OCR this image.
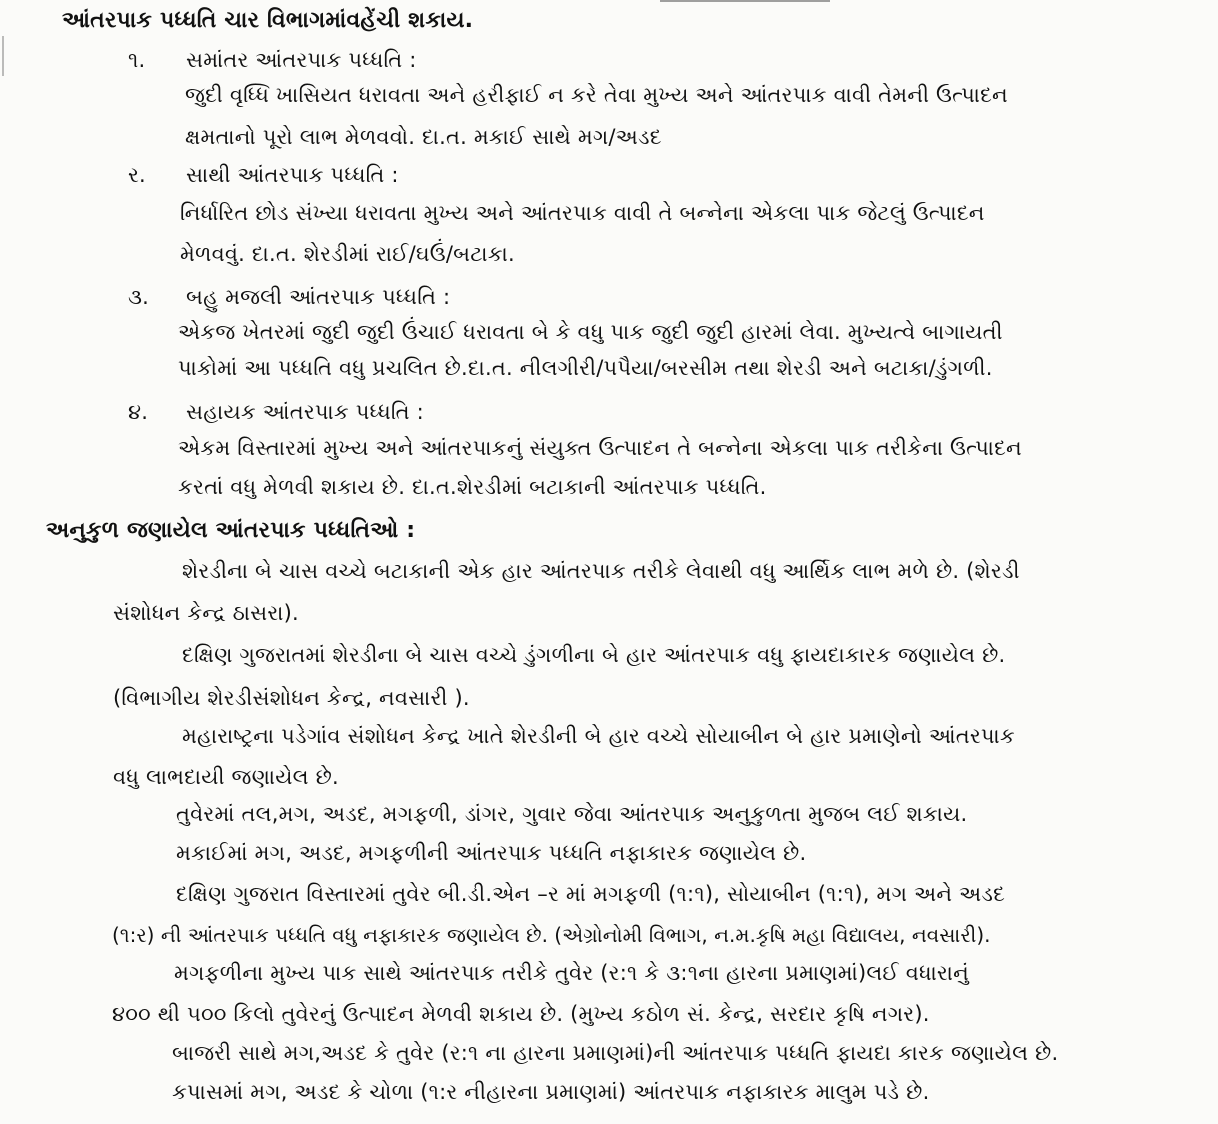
આંતરપાક પધ્ધતિ ચાર વિભાગમાંવહેંચી શકાય.
૧. સમાંતર આંતરપાક પધ્ધતિ :
જુદી વૃધ્ધિ ખાસિયત ધરાવતા અને હરીફાઈ ન કરે તેવા મુખ્ય અને આંતરપાક વાવી તેમની ઉત્પાદન
ક્ષમતાનો પૂરો લાભ મેળવવો. દા.ત. મકાઈ સાથે મગ/અડદ
ર. સાથી આંતરપાક પધ્ધતિ :
નિર્ધારિત છોડ સંખ્યા ધરાવતા મુખ્ય અને આંતરપાક વાવી તે બન્નેના એકલા પાક જેટલું ઉત્પાદન
મેળવવું. દા.ત. શેરડીમાં રાઈ/ઘઉં/બટાકા.
૩. બહુ મજલી આંતરપાક પધ્ધતિ :
એકજ ખેતરમાં જુદી જુદી ઉંચાઈ ધરાવતા બે કે વધુ પાક જુદી જુદી હારમાં લેવા. મુખ્યત્વે બાગાયતી
પાકોમાં આ પધ્ધતિ વધુ પ્રચલિત છે.દા.ત. નીલગીરી/પપૈયા/બરસીમ તથા શેરડી અને બટાકા/ડુંગળી.
૪. સહાયક આંતરપાક પધ્ધતિ :
એકમ વિસ્તારમાં મુખ્ય અને આંતરપાકનું સંયુક્ત ઉત્પાદન તે બન્નેના એકલા પાક તરીકેના ઉત્પાદન
કરતાં વધુ મેળવી શકાય છે. દા.ત.શેરડીમાં બટાકાની આંતરપાક પધ્ધતિ.
અનુકુળ જણાયેલ આંતરપાક પધ્ધતિઓ :
શેરડીના બે ચાસ વચ્ચે બટાકાની એક હાર આંતરપાક તરીકે લેવાથી વધુ આર્થિક લાભ મળે છે. (શેરડી
સંશોધન કેન્દ્ર ઠાસરા).
દક્ષિણ ગુજરાતમાં શેરડીના બે ચાસ વચ્ચે ડુંગળીના બે હાર આંતરપાક વધુ ફાયદાકારક જણાયેલ છે.
(વિભાગીય શેરડીસંશોધન કેન્દ્ર, નવસારી ).
મહારાષ્ટ્રના પડેગાંવ સંશોધન કેન્દ્ર ખાતે શેરડીની બે હાર વચ્ચે સોયાબીન બે હાર પ્રમાણેનો આંતરપાક
વધુ લાભદાયી જણાયેલ છે.
તુવેરમાં તલ,મગ, અડદ, મગફળી, ડાંગર, ગુવાર જેવા આંતરપાક અનુકુળતા મુજબ લઈ શકાય.
મકાઈમાં મગ, અડદ, મગફળીની આંતરપાક પધ્ધતિ નફાકારક જણાયેલ છે.
દક્ષિણ ગુજરાત વિસ્તારમાં તુવેર બી.ડી.એન –ર માં મગફળી (૧:૧), સોયાબીન (૧:૧), મગ અને અડદ
(૧:ર) ની આંતરપાક પધ્ધતિ વધુ નફાકારક જણાયેલ છે. (એગ્રોનોમી વિભાગ, ન.મ.કૃષિ મહા વિદ્યાલય, નવસારી).
મગફળીના મુખ્ય પાક સાથે આંતરપાક તરીકે તુવેર (ર:૧ કે ૩:૧ના હારના પ્રમાણમાં)લઈ વધારાનું
૪૦૦ થી ૫૦૦ કિલો તુવેરનું ઉત્પાદન મેળવી શકાય છે. (મુખ્ય કઠોળ સં. કેન્દ્ર, સરદાર કૃષિ નગર).
બાજરી સાથે મગ,અડદ કે તુવેર (ર:૧ ના હારના પ્રમાણમાં)ની આંતરપાક પધ્ધતિ ફાયદા કારક જણાયેલ છે.
કપાસમાં મગ, અડદ કે ચોળા (૧:ર નીહારના પ્રમાણમાં) આંતરપાક નફાકારક માલુમ પડે છે.
